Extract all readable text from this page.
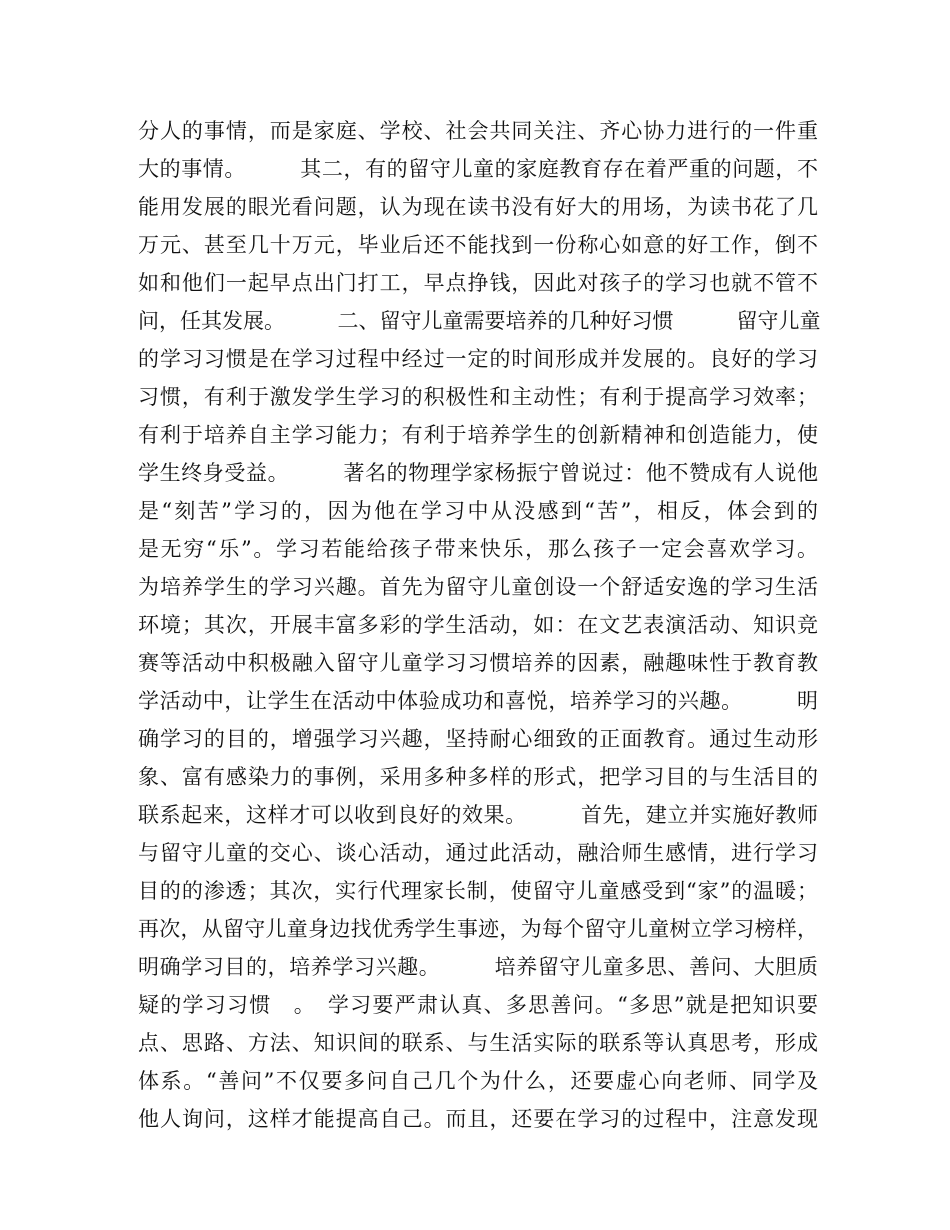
分人的事情，而是家庭、学校、社会共同关注、齐心协力进行的一件重
大的事情。　　　其二，有的留守儿童的家庭教育存在着严重的问题，不
能用发展的眼光看问题，认为现在读书没有好大的用场，为读书花了几
万元、甚至几十万元，毕业后还不能找到一份称心如意的好工作，倒不
如和他们一起早点出门打工，早点挣钱，因此对孩子的学习也就不管不
问，任其发展。　　　二、留守儿童需要培养的几种好习惯　　　留守儿童
的学习习惯是在学习过程中经过一定的时间形成并发展的。良好的学习
习惯，有利于激发学生学习的积极性和主动性；有利于提高学习效率；
有利于培养自主学习能力；有利于培养学生的创新精神和创造能力，使
学生终身受益。　　　著名的物理学家杨振宁曾说过：他不赞成有人说他
是“刻苦”学习的，因为他在学习中从没感到“苦”，相反，体会到的
是无穷“乐”。学习若能给孩子带来快乐，那么孩子一定会喜欢学习。
为培养学生的学习兴趣。首先为留守儿童创设一个舒适安逸的学习生活
环境；其次，开展丰富多彩的学生活动，如：在文艺表演活动、知识竞
赛等活动中积极融入留守儿童学习习惯培养的因素，融趣味性于教育教
学活动中，让学生在活动中体验成功和喜悦，培养学习的兴趣。　　　明
确学习的目的，增强学习兴趣，坚持耐心细致的正面教育。通过生动形
象、富有感染力的事例，采用多种多样的形式，把学习目的与生活目的
联系起来，这样才可以收到良好的效果。　　　首先，建立并实施好教师
与留守儿童的交心、谈心活动，通过此活动，融洽师生感情，进行学习
目的的渗透；其次，实行代理家长制，使留守儿童感受到“家”的温暖；
再次，从留守儿童身边找优秀学生事迹，为每个留守儿童树立学习榜样，
明确学习目的，培养学习兴趣。　　　培养留守儿童多思、善问、大胆质
疑的学习习惯　。　学习要严肃认真、多思善问。“多思”就是把知识要
点、思路、方法、知识间的联系、与生活实际的联系等认真思考，形成
体系。“善问”不仅要多问自己几个为什么，还要虚心向老师、同学及
他人询问，这样才能提高自己。而且，还要在学习的过程中，注意发现
